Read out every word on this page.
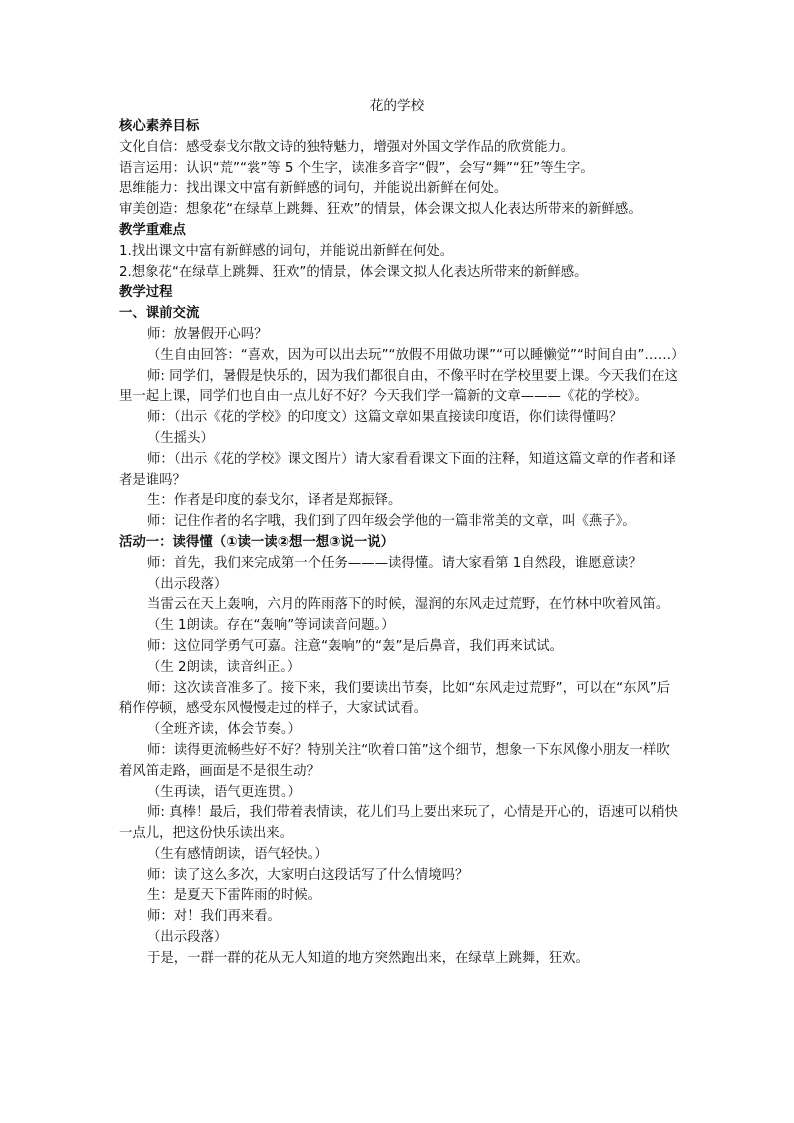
花的学校

核心素养目标

文化自信：感受泰戈尔散文诗的独特魅力，增强对外国文学作品的欣赏能力。

语言运用：认识“荒”“裳”等 5 个生字，读准多音字“假”，会写“舞”“狂”等生字。

思维能力：找出课文中富有新鲜感的词句，并能说出新鲜在何处。

审美创造：想象花“在绿草上跳舞、狂欢”的情景，体会课文拟人化表达所带来的新鲜感。

教学重难点

1.找出课文中富有新鲜感的词句，并能说出新鲜在何处。

2.想象花“在绿草上跳舞、狂欢”的情景，体会课文拟人化表达所带来的新鲜感。

教学过程

一、课前交流

师：放暑假开心吗？

（生自由回答：“喜欢，因为可以出去玩”“放假不用做功课”“可以睡懒觉”“时间自由”……）

师: 同学们，暑假是快乐的，因为我们都很自由，不像平时在学校里要上课。今天我们在这里一起上课，同学们也自由一点儿好不好？今天我们学一篇新的文章———《花的学校》。

师：（出示《花的学校》的印度文）这篇文章如果直接读印度语，你们读得懂吗？

（生摇头）

师：（出示《花的学校》课文图片）请大家看看课文下面的注释，知道这篇文章的作者和译者是谁吗？

生：作者是印度的泰戈尔，译者是郑振铎。

师：记住作者的名字哦，我们到了四年级会学他的一篇非常美的文章，叫《燕子》。

活动一：读得懂（①读一读②想一想③说一说）

师：首先，我们来完成第一个任务———读得懂。请大家看第 1自然段，谁愿意读？

（出示段落）

当雷云在天上轰响，六月的阵雨落下的时候，湿润的东风走过荒野，在竹林中吹着风笛。

（生 1朗读。存在“轰响”等词读音问题。）

师：这位同学勇气可嘉。注意“轰响”的“轰”是后鼻音，我们再来试试。

（生 2朗读，读音纠正。）

师：这次读音准多了。接下来，我们要读出节奏，比如“东风走过荒野”，可以在“东风”后稍作停顿，感受东风慢慢走过的样子，大家试试看。

（全班齐读，体会节奏。）

师：读得更流畅些好不好？特别关注“吹着口笛”这个细节，想象一下东风像小朋友一样吹着风笛走路，画面是不是很生动？

（生再读，语气更连贯。）

师: 真棒！最后，我们带着表情读，花儿们马上要出来玩了，心情是开心的，语速可以稍快一点儿，把这份快乐读出来。

（生有感情朗读，语气轻快。）

师：读了这么多次，大家明白这段话写了什么情境吗？

生：是夏天下雷阵雨的时候。

师：对！我们再来看。

（出示段落）

于是，一群一群的花从无人知道的地方突然跑出来，在绿草上跳舞，狂欢。
